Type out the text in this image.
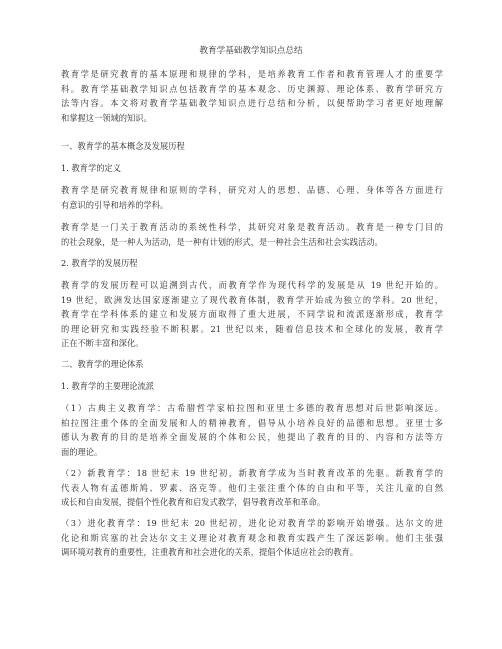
教育学基础教学知识点总结

教育学是研究教育的基本原理和规律的学科，是培养教育工作者和教育管理人才的重要学
科。教育学基础教学知识点包括教育学的基本观念、历史渊源、理论体系、教育学研究方
法等内容。本文将对教育学基础教学知识点进行总结和分析，以便帮助学习者更好地理解
和掌握这一领域的知识。

一、教育学的基本概念及发展历程
1. 教育学的定义
教育学是研究教育规律和原则的学科，研究对人的思想、品德、心理、身体等各方面进行
有意识的引导和培养的学科。
教育学是一门关于教育活动的系统性科学，其研究对象是教育活动。教育是一种专门目的
的社会现象，是一种人为活动，是一种有计划的形式，是一种社会生活和社会实践活动。
2. 教育学的发展历程
教育学的发展历程可以追溯到古代，而教育学作为现代科学的发展是从 19 世纪开始的。
19 世纪，欧洲发达国家逐渐建立了现代教育体制，教育学开始成为独立的学科。20 世纪，
教育学在学科体系的建立和发展方面取得了重大进展，不同学说和流派逐渐形成，教育学
的理论研究和实践经验不断积累。21 世纪以来，随着信息技术和全球化的发展，教育学
正在不断丰富和深化。
二、教育学的理论体系
1. 教育学的主要理论流派
（1）古典主义教育学：古希腊哲学家柏拉图和亚里士多德的教育思想对后世影响深远。
柏拉图注重个体的全面发展和人的精神教育，倡导从小培养良好的品德和思想。亚里士多
德认为教育的目的是培养全面发展的个体和公民，他提出了教育的目的、内容和方法等方
面的理论。
（2）新教育学：18 世纪末 19 世纪初，新教育学成为当时教育改革的先驱。新教育学的
代表人物有孟德斯鸠、罗素、洛克等。他们主张注重个体的自由和平等，关注儿童的自然
成长和自由发展，提倡个性化教育和启发式教学，倡导教育改革和革命。
（3）进化教育学：19 世纪末 20 世纪初，进化论对教育学的影响开始增强。达尔文的进
化论和斯宾塞的社会达尔文主义理论对教育观念和教育实践产生了深远影响。他们主张强
调环境对教育的重要性，注重教育和社会进化的关系，提倡个体适应社会的教育。
